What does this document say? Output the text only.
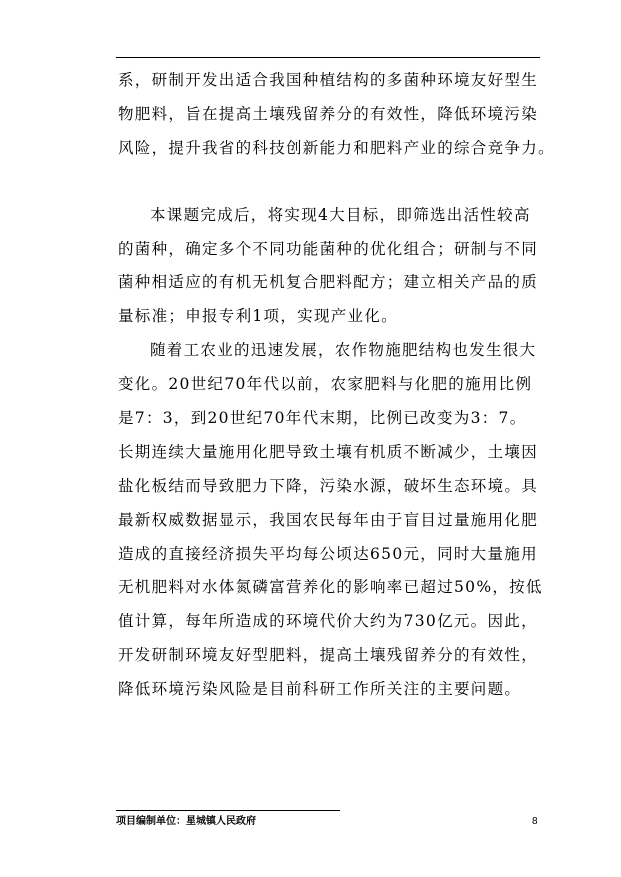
系，研制开发出适合我国种植结构的多菌种环境友好型生
物肥料，旨在提高土壤残留养分的有效性，降低环境污染
风险，提升我省的科技创新能力和肥料产业的综合竞争力。
本课题完成后，将实现4大目标，即筛选出活性较高
的菌种，确定多个不同功能菌种的优化组合；研制与不同
菌种相适应的有机无机复合肥料配方；建立相关产品的质
量标准；申报专利1项，实现产业化。
随着工农业的迅速发展，农作物施肥结构也发生很大
变化。20世纪70年代以前，农家肥料与化肥的施用比例
是7：3，到20世纪70年代末期，比例已改变为3：7。
长期连续大量施用化肥导致土壤有机质不断减少，土壤因
盐化板结而导致肥力下降，污染水源，破坏生态环境。具
最新权威数据显示，我国农民每年由于盲目过量施用化肥
造成的直接经济损失平均每公顷达650元，同时大量施用
无机肥料对水体氮磷富营养化的影响率已超过50%，按低
值计算，每年所造成的环境代价大约为730亿元。因此，
开发研制环境友好型肥料，提高土壤残留养分的有效性，
降低环境污染风险是目前科研工作所关注的主要问题。
项目编制单位：星城镇人民政府	8
